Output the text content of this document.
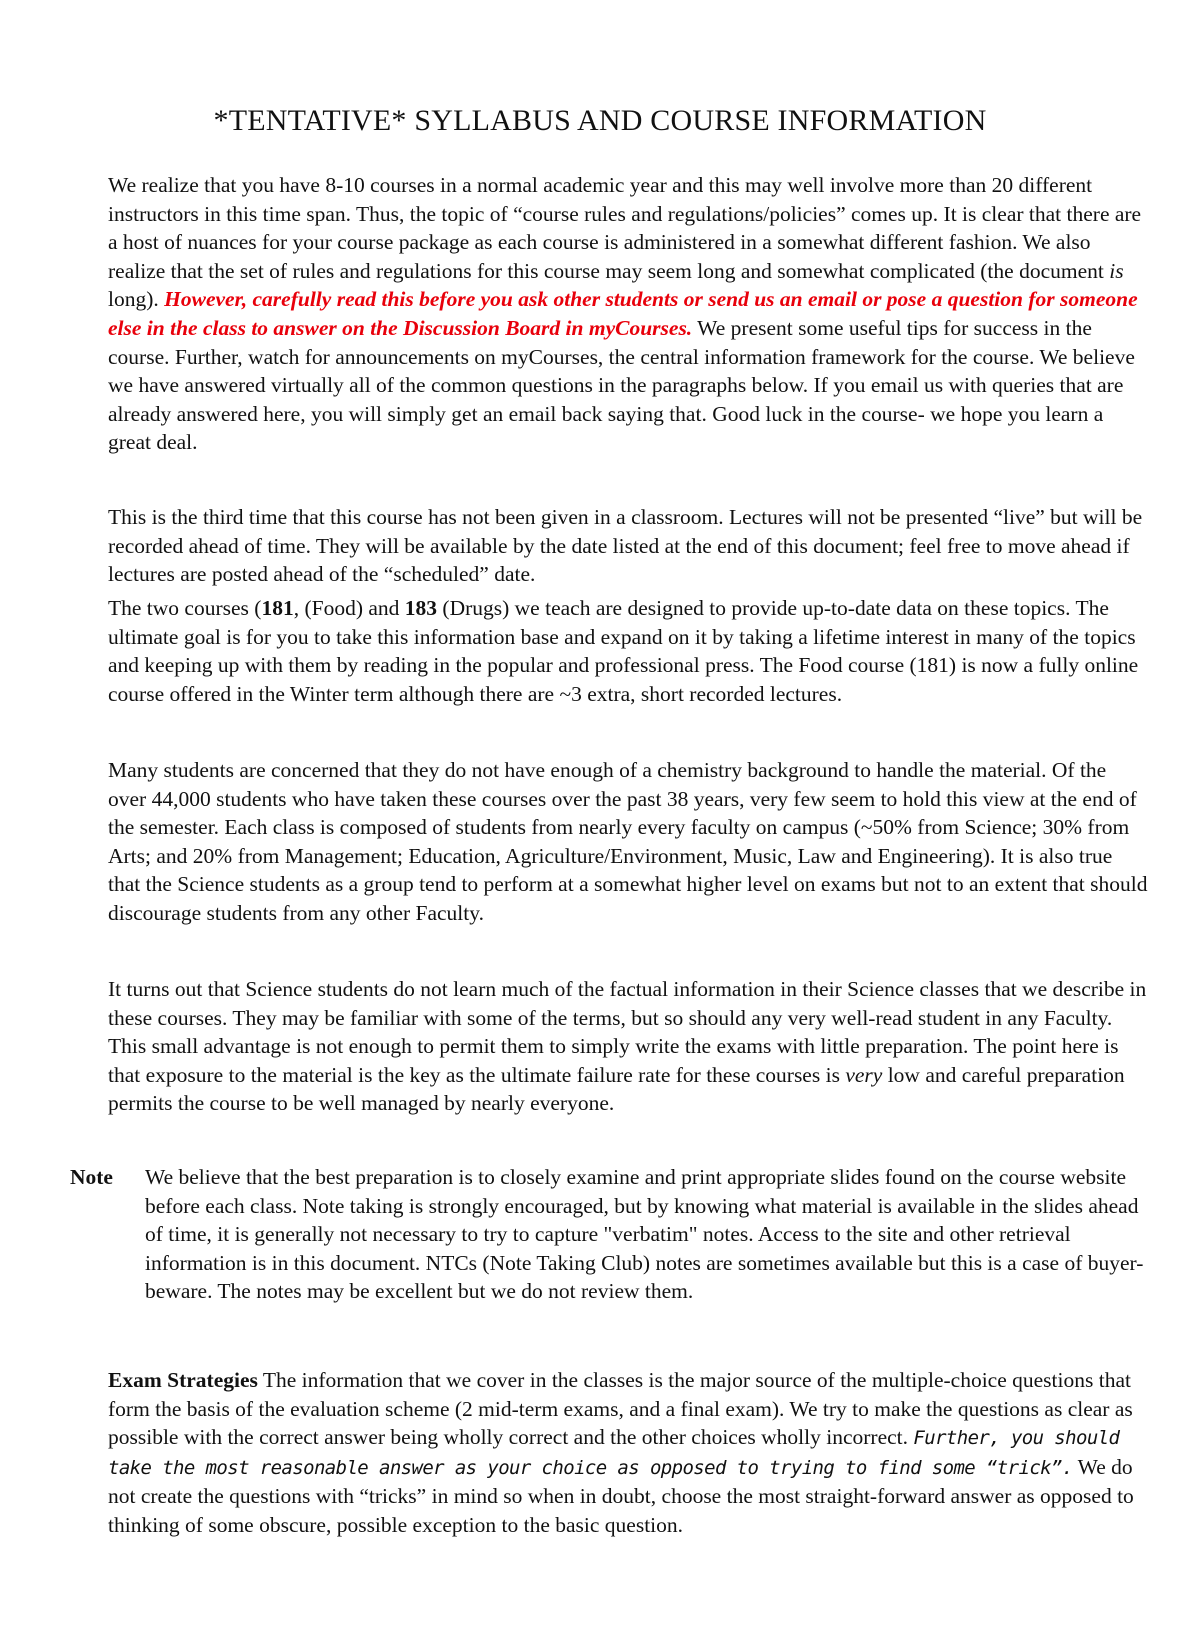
*TENTATIVE* SYLLABUS AND COURSE INFORMATION

We realize that you have 8-10 courses in a normal academic year and this may well involve more than 20 different instructors in this time span. Thus, the topic of “course rules and regulations/policies” comes up. It is clear that there are a host of nuances for your course package as each course is administered in a somewhat different fashion. We also realize that the set of rules and regulations for this course may seem long and somewhat complicated (the document is long). However, carefully read this before you ask other students or send us an email or pose a question for someone else in the class to answer on the Discussion Board in myCourses. We present some useful tips for success in the course. Further, watch for announcements on myCourses, the central information framework for the course. We believe we have answered virtually all of the common questions in the paragraphs below. If you email us with queries that are already answered here, you will simply get an email back saying that. Good luck in the course- we hope you learn a great deal.

This is the third time that this course has not been given in a classroom. Lectures will not be presented “live” but will be recorded ahead of time. They will be available by the date listed at the end of this document; feel free to move ahead if lectures are posted ahead of the “scheduled” date.

The two courses (181, (Food) and 183 (Drugs) we teach are designed to provide up-to-date data on these topics. The ultimate goal is for you to take this information base and expand on it by taking a lifetime interest in many of the topics and keeping up with them by reading in the popular and professional press. The Food course (181) is now a fully online course offered in the Winter term although there are ~3 extra, short recorded lectures.

Many students are concerned that they do not have enough of a chemistry background to handle the material. Of the over 44,000 students who have taken these courses over the past 38 years, very few seem to hold this view at the end of the semester. Each class is composed of students from nearly every faculty on campus (~50% from Science; 30% from Arts; and 20% from Management; Education, Agriculture/Environment, Music, Law and Engineering). It is also true that the Science students as a group tend to perform at a somewhat higher level on exams but not to an extent that should discourage students from any other Faculty.

It turns out that Science students do not learn much of the factual information in their Science classes that we describe in these courses. They may be familiar with some of the terms, but so should any very well-read student in any Faculty. This small advantage is not enough to permit them to simply write the exams with little preparation. The point here is that exposure to the material is the key as the ultimate failure rate for these courses is very low and careful preparation permits the course to be well managed by nearly everyone.

Note We believe that the best preparation is to closely examine and print appropriate slides found on the course website before each class. Note taking is strongly encouraged, but by knowing what material is available in the slides ahead of time, it is generally not necessary to try to capture "verbatim" notes. Access to the site and other retrieval information is in this document. NTCs (Note Taking Club) notes are sometimes available but this is a case of buyer-beware. The notes may be excellent but we do not review them.

Exam Strategies The information that we cover in the classes is the major source of the multiple-choice questions that form the basis of the evaluation scheme (2 mid-term exams, and a final exam). We try to make the questions as clear as possible with the correct answer being wholly correct and the other choices wholly incorrect. Further, you should take the most reasonable answer as your choice as opposed to trying to find some “trick”. We do not create the questions with “tricks” in mind so when in doubt, choose the most straight-forward answer as opposed to thinking of some obscure, possible exception to the basic question.
